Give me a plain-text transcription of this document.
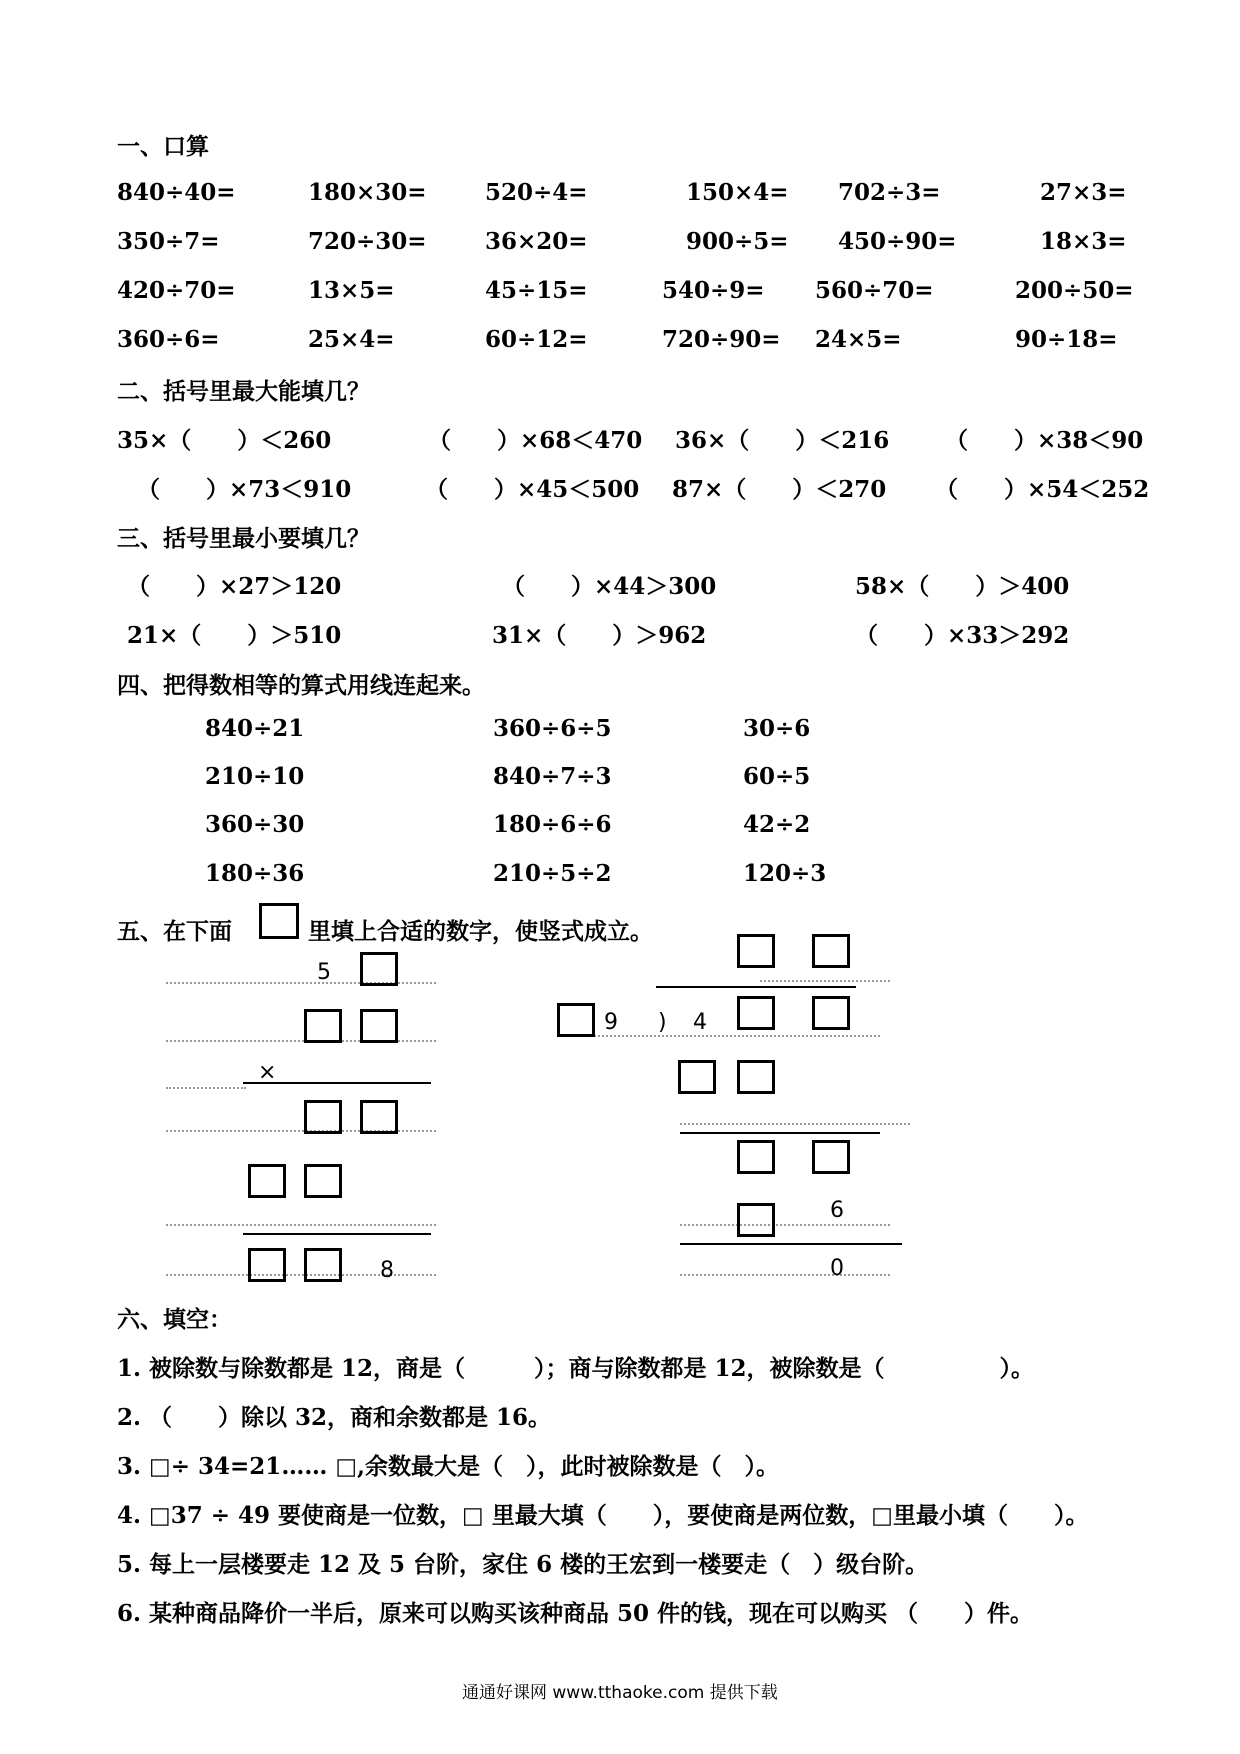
一、口算
840÷40=	180×30=	520÷4=	150×4= 702÷3=	27×3=
350÷7=	720÷30=	36×20=	900÷5= 450÷90=	18×3=
420÷70=	13×5=	45÷15=	540÷9= 560÷70=	200÷50=
360÷6=	25×4=	60÷12=	720÷90= 24×5=	90÷18=
二、括号里最大能填几？
35×（　　）＜260	（　　）×68＜470 36×（　　）＜216 （　　）×38＜90
（　　）×73＜910	（　　）×45＜500 87×（　　）＜270 （　　）×54＜252
三、括号里最小要填几？
（　　）×27＞120	（　　）×44＞300	58×（　　）＞400
21×（　　）＞510	31×（　　）＞962	（　　）×33＞292
四、把得数相等的算式用线连起来。
840÷21	360÷6÷5	30÷6
210÷10	840÷7÷3	60÷5
360÷30	180÷6÷6	42÷2
180÷36	210÷5÷2	120÷3
五、在下面	里填上合适的数字，使竖式成立。
5
×
8
9 ) 4
6
0
六、填空：
1. 被除数与除数都是 12，商是（　　　）；商与除数都是 12，被除数是（　　　　　）。
2. （　　）除以 32，商和余数都是 16。
3. □÷ 34=21…… □,余数最大是（　），此时被除数是（　）。
4. □37 ÷ 49 要使商是一位数，□ 里最大填（　　），要使商是两位数，□里最小填（　　）。
5. 每上一层楼要走 12 及 5 台阶，家住 6 楼的王宏到一楼要走（　）级台阶。
6. 某种商品降价一半后，原来可以购买该种商品 50 件的钱，现在可以购买 （　　）件。
通通好课网 www.tthaoke.com 提供下载
